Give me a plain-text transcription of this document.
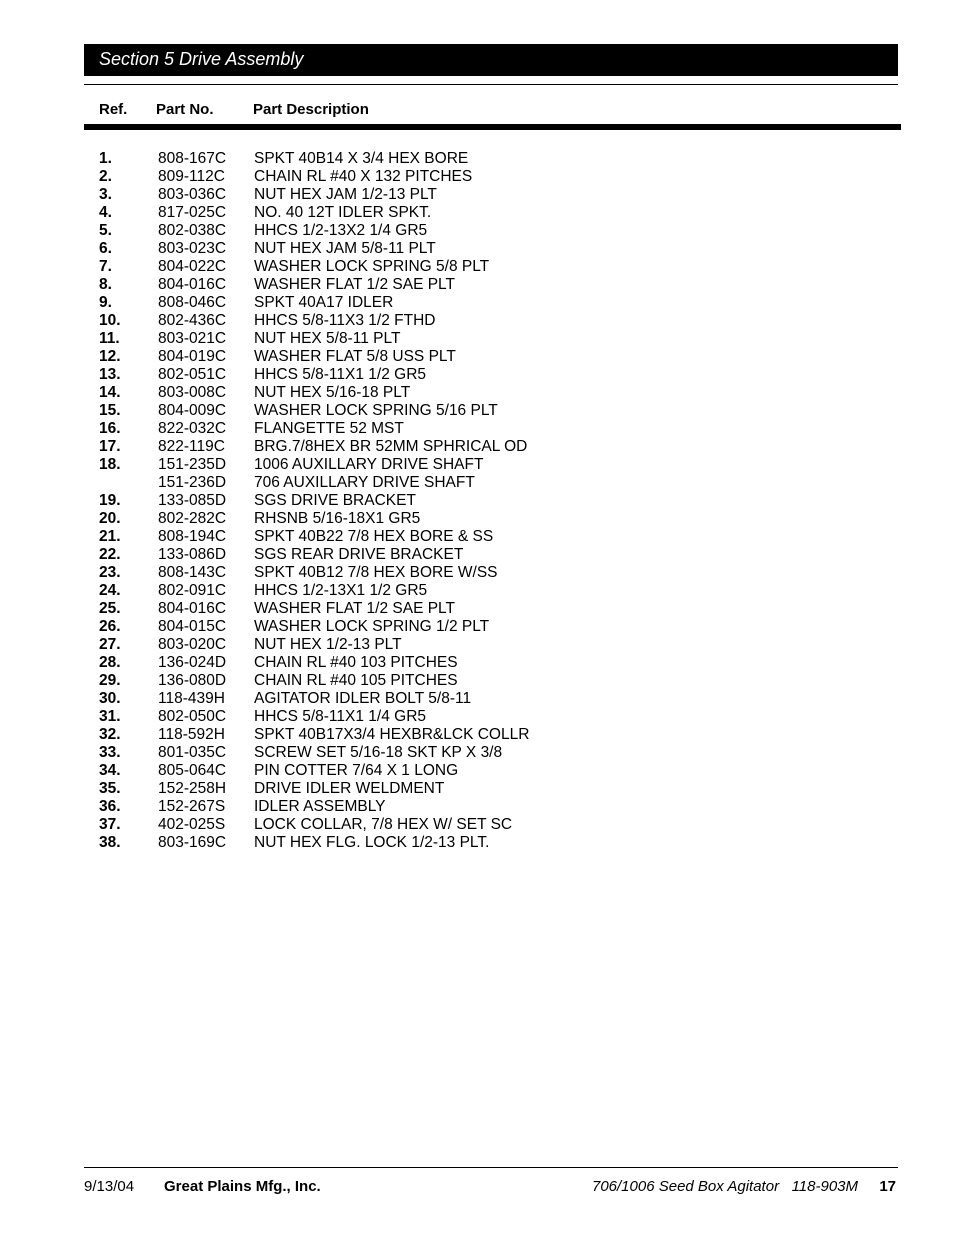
Section 5 Drive Assembly
Ref. Part No.	Part Description
1.	808-167C SPKT 40B14 X 3/4 HEX BORE
2.	809-112C CHAIN RL #40 X 132 PITCHES
3.	803-036C NUT HEX JAM 1/2-13 PLT
4.	817-025C NO. 40 12T IDLER SPKT.
5.	802-038C HHCS 1/2-13X2 1/4 GR5
6.	803-023C NUT HEX JAM 5/8-11 PLT
7.	804-022C WASHER LOCK SPRING 5/8 PLT
8.	804-016C WASHER FLAT 1/2 SAE PLT
9.	808-046C SPKT 40A17 IDLER
10. 802-436C HHCS 5/8-11X3 1/2 FTHD
11. 803-021C NUT HEX 5/8-11 PLT
12. 804-019C WASHER FLAT 5/8 USS PLT
13. 802-051C HHCS 5/8-11X1 1/2 GR5
14. 803-008C NUT HEX 5/16-18 PLT
15. 804-009C WASHER LOCK SPRING 5/16 PLT
16. 822-032C FLANGETTE 52 MST
17. 822-119C BRG.7/8HEX BR 52MM SPHRICAL OD
18. 151-235D 1006 AUXILLARY DRIVE SHAFT
151-236D 706 AUXILLARY DRIVE SHAFT
19. 133-085D SGS DRIVE BRACKET
20. 802-282C RHSNB 5/16-18X1 GR5
21. 808-194C SPKT 40B22 7/8 HEX BORE & SS
22. 133-086D SGS REAR DRIVE BRACKET
23. 808-143C SPKT 40B12 7/8 HEX BORE W/SS
24. 802-091C HHCS 1/2-13X1 1/2 GR5
25. 804-016C WASHER FLAT 1/2 SAE PLT
26. 804-015C WASHER LOCK SPRING 1/2 PLT
27. 803-020C NUT HEX 1/2-13 PLT
28. 136-024D CHAIN RL #40 103 PITCHES
29. 136-080D CHAIN RL #40 105 PITCHES
30. 118-439H AGITATOR IDLER BOLT 5/8-11
31. 802-050C HHCS 5/8-11X1 1/4 GR5
32. 118-592H SPKT 40B17X3/4 HEXBR&LCK COLLR
33. 801-035C SCREW SET 5/16-18 SKT KP X 3/8
34. 805-064C PIN COTTER 7/64 X 1 LONG
35. 152-258H DRIVE IDLER WELDMENT
36. 152-267S IDLER ASSEMBLY
37. 402-025S LOCK COLLAR, 7/8 HEX W/ SET SC
38. 803-169C NUT HEX FLG. LOCK 1/2-13 PLT.
9/13/04 Great Plains Mfg., Inc.	706/1006 Seed Box Agitator   118-903M 17
